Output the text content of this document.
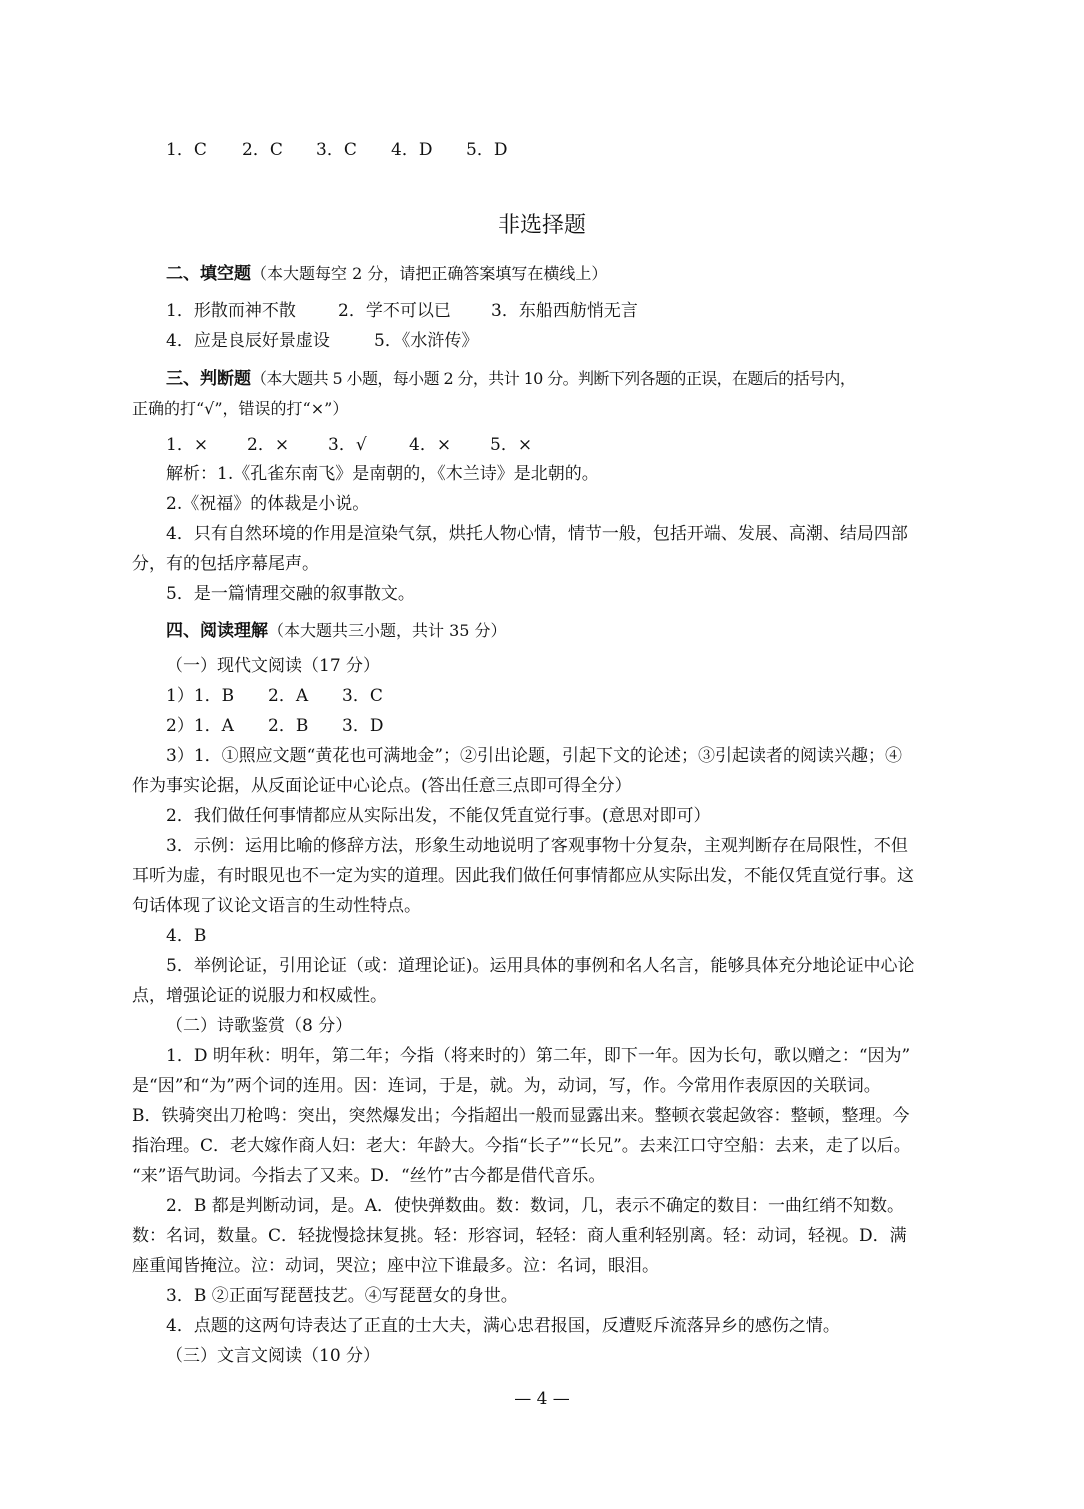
1．C	2．C	3．C	4．D	5．D
非选择题
二、填空题（本大题每空 2 分，请把正确答案填写在横线上）
1．形散而神不散	2．学不可以已	3．东船西舫悄无言
4．应是良辰好景虚设	5．《水浒传》
三、判断题（本大题共 5 小题，每小题 2 分，共计 10 分。判断下列各题的正误，在题后的括号内，
正确的打“√”，错误的打“×”）
1．×	2．×	3．√	4．×	5．×
解析：1.《孔雀东南飞》是南朝的，《木兰诗》是北朝的。
2.《祝福》的体裁是小说。
4．只有自然环境的作用是渲染气氛，烘托人物心情，情节一般，包括开端、发展、高潮、结局四部
分，有的包括序幕尾声。
5．是一篇情理交融的叙事散文。
四、阅读理解（本大题共三小题，共计 35 分）
（一）现代文阅读（17 分）
1）1．B	2．A	3．C
2）1．A	2．B	3．D
3）1．①照应文题“黄花也可满地金”；②引出论题，引起下文的论述；③引起读者的阅读兴趣；④
作为事实论据，从反面论证中心论点。(答出任意三点即可得全分）
2．我们做任何事情都应从实际出发，不能仅凭直觉行事。(意思对即可）
3．示例：运用比喻的修辞方法，形象生动地说明了客观事物十分复杂，主观判断存在局限性，不但
耳听为虚，有时眼见也不一定为实的道理。因此我们做任何事情都应从实际出发，不能仅凭直觉行事。这
句话体现了议论文语言的生动性特点。
4．B
5．举例论证，引用论证（或：道理论证)。运用具体的事例和名人名言，能够具体充分地论证中心论
点，增强论证的说服力和权威性。
（二）诗歌鉴赏（8 分）
1．D 明年秋：明年，第二年；今指（将来时的）第二年，即下一年。因为长句，歌以赠之：“因为”
是“因”和“为”两个词的连用。因：连词，于是，就。为，动词，写，作。今常用作表原因的关联词。
B．铁骑突出刀枪鸣：突出，突然爆发出；今指超出一般而显露出来。整顿衣裳起敛容：整顿，整理。今
指治理。C．老大嫁作商人妇：老大：年龄大。今指“长子”“长兄”。去来江口守空船：去来，走了以后。
“来”语气助词。今指去了又来。D．“丝竹”古今都是借代音乐。
2．B 都是判断动词，是。A．使快弹数曲。数：数词，几，表示不确定的数目：一曲红绡不知数。
数：名词，数量。C．轻拢慢捻抹复挑。轻：形容词，轻轻：商人重利轻别离。轻：动词，轻视。D．满
座重闻皆掩泣。泣：动词，哭泣；座中泣下谁最多。泣：名词，眼泪。
3．B ②正面写琵琶技艺。④写琵琶女的身世。
4．点题的这两句诗表达了正直的士大夫，满心忠君报国，反遭贬斥流落异乡的感伤之情。
（三）文言文阅读（10 分）
— 4 —
